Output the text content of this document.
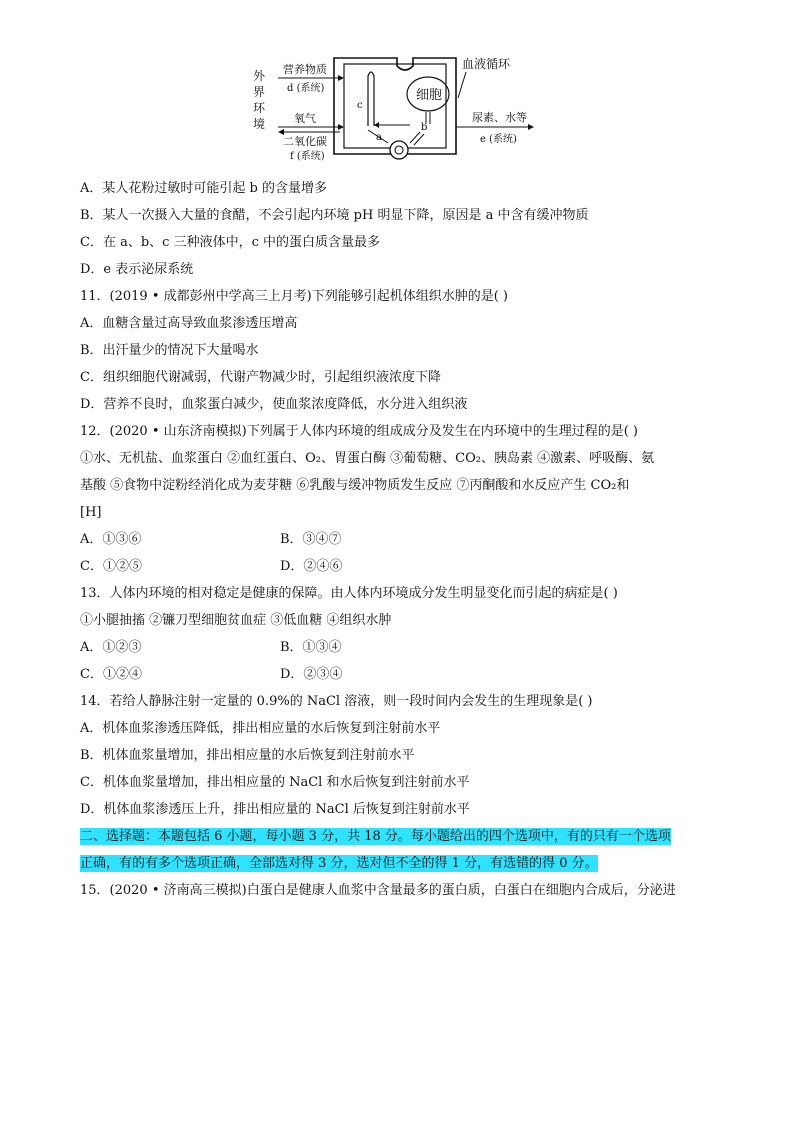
外
界
环
境
营养物质
d (系统)
氧气
二氧化碳
f (系统)
细胞
血液循环
尿素、水等
e (系统)
a
b
c
A．某人花粉过敏时可能引起 b 的含量增多
B．某人一次摄入大量的食醋，不会引起内环境 pH 明显下降，原因是 a 中含有缓冲物质
C．在 a、b、c 三种液体中，c 中的蛋白质含量最多
D．e 表示泌尿系统
11．(2019 • 成都彭州中学高三上月考)下列能够引起机体组织水肿的是( )
A．血糖含量过高导致血浆渗透压增高
B．出汗量少的情况下大量喝水
C．组织细胞代谢减弱，代谢产物减少时，引起组织液浓度下降
D．营养不良时，血浆蛋白减少，使血浆浓度降低，水分进入组织液
12．(2020 • 山东济南模拟)下列属于人体内环境的组成成分及发生在内环境中的生理过程的是( )
①水、无机盐、血浆蛋白 ②血红蛋白、O₂、胃蛋白酶 ③葡萄糖、CO₂、胰岛素 ④激素、呼吸酶、氨
基酸 ⑤食物中淀粉经消化成为麦芽糖 ⑥乳酸与缓冲物质发生反应 ⑦丙酮酸和水反应产生 CO₂和
[H]
A．①③⑥	B．③④⑦
C．①②⑤	D．②④⑥
13．人体内环境的相对稳定是健康的保障。由人体内环境成分发生明显变化而引起的病症是( )
①小腿抽搐 ②镰刀型细胞贫血症 ③低血糖 ④组织水肿
A．①②③	B．①③④
C．①②④	D．②③④
14．若给人静脉注射一定量的 0.9%的 NaCl 溶液，则一段时间内会发生的生理现象是( )
A．机体血浆渗透压降低，排出相应量的水后恢复到注射前水平
B．机体血浆量增加，排出相应量的水后恢复到注射前水平
C．机体血浆量增加，排出相应量的 NaCl 和水后恢复到注射前水平
D．机体血浆渗透压上升，排出相应量的 NaCl 后恢复到注射前水平
二、选择题：本题包括 6 小题，每小题 3 分，共 18 分。每小题给出的四个选项中，有的只有一个选项
正确，有的有多个选项正确，全部选对得 3 分，选对但不全的得 1 分，有选错的得 0 分。
15．(2020 • 济南高三模拟)白蛋白是健康人血浆中含量最多的蛋白质，白蛋白在细胞内合成后，分泌进
